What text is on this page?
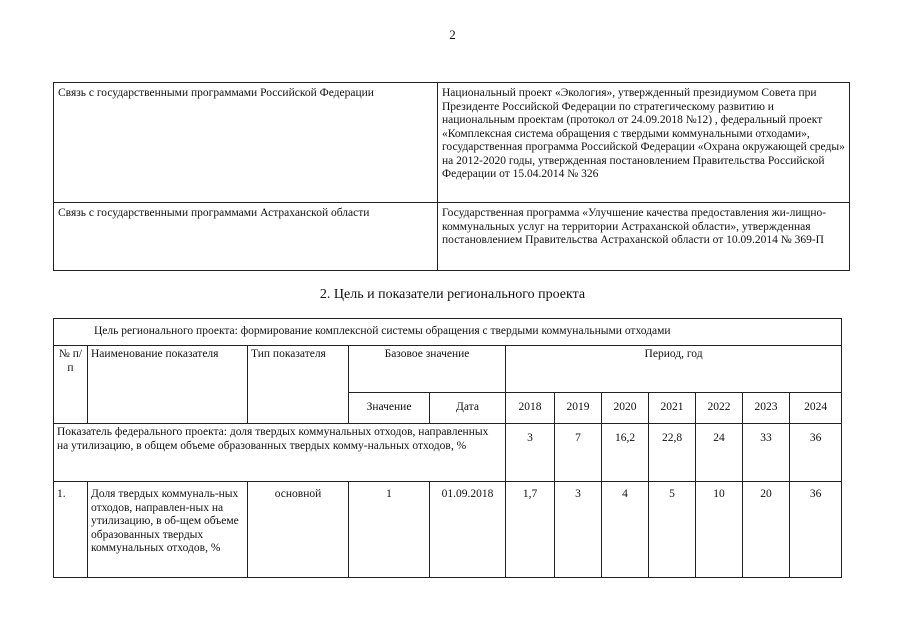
2
Связь с государственными программами Российской Федерации	Национальный проект «Экология», утвержденный президиумом Совета при Президенте Российской Федерации по стратегическому развитию и национальным проектам (протокол от 24.09.2018 №12) , федеральный проект «Комплексная система обращения с твердыми коммунальными отходами», государственная программа Российской Федерации «Охрана окружающей среды» на 2012-2020 годы, утвержденная постановлением Правительства Российской Федерации от 15.04.2014 № 326
Связь с государственными программами Астраханской области	Государственная программа «Улучшение качества предоставления жи-лищно-коммунальных услуг на территории Астраханской области», утвержденная постановлением Правительства Астраханской области от 10.09.2014 № 369-П
2. Цель и показатели регионального проекта
Цель регионального проекта: формирование комплексной системы обращения с твердыми коммунальными отходами											
№ п/п	Наименование показателя	Тип показателя	Базовое значение		Период, год						
			Значение	Дата	2018	2019	2020	2021	2022	2023	2024
Показатель федерального проекта: доля твердых коммунальных отходов, направленных на утилизацию, в общем объеме образованных твердых комму-нальных отходов, %					3	7	16,2	22,8	24	33	36
1.	Доля твердых коммуналь-ных отходов, направлен-ных на утилизацию, в об-щем объеме образованных твердых коммунальных отходов, %	основной	1	01.09.2018	1,7	3	4	5	10	20	36
